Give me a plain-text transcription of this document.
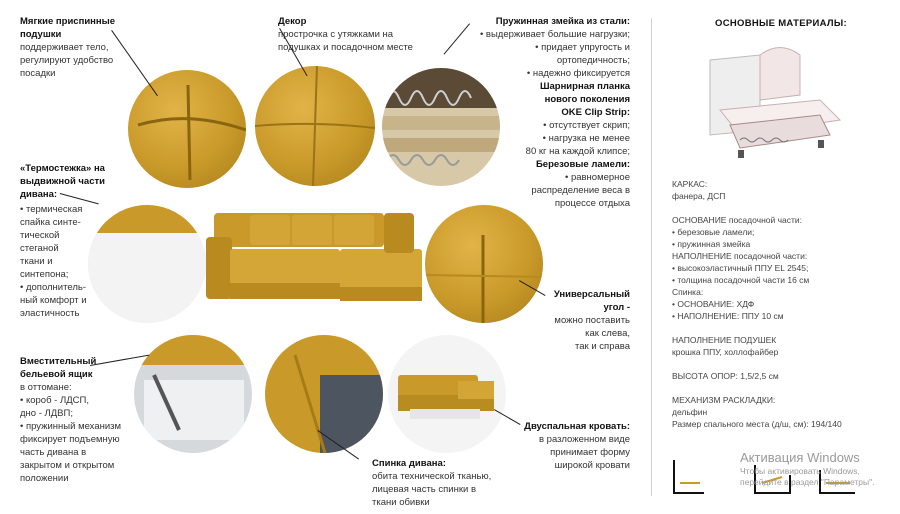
Мягкие приспинные подушки
поддерживает тело,
регулируют удобство
посадки
«Термостежка» на
выдвижной части
дивана:
• термическая
спайка синте-
тической
стеганой
ткани и
синтепона;
• дополнитель-
ный комфорт и
эластичность
Вместительный
бельевой ящик
в оттомане:
• короб - ЛДСП,
дно - ЛДВП;
• пружинный механизм
фиксирует подъемную
часть дивана в
закрытом и открытом
положении
Декор
прострочка с утяжками на
подушках и посадочном месте
Спинка дивана:
обита технической тканью,
лицевая часть спинки в
ткани обивки
Пружинная змейка из стали:
• выдерживает большие нагрузки;
• придает упругость и
ортопедичность;
• надежно фиксируется
Шарнирная планка
нового поколения
OKE Clip Strip:
• отсутствует скрип;
• нагрузка не менее
80 кг на каждой клипсе;
Березовые ламели:
• равномерное
распределение веса в
процессе отдыха
Универсальный
угол -
можно поставить
как слева,
так и справа
Двуспальная кровать:
в разложенном виде
принимает форму
широкой кровати
ОСНОВНЫЕ МАТЕРИАЛЫ:
КАРКАС:
фанера, ДСП
ОСНОВАНИЕ посадочной части:
• березовые ламели;
• пружинная змейка
НАПОЛНЕНИЕ посадочной части:
• высокоэластичный ППУ EL 2545;
• толщина посадочной части 16 см
Спинка:
• ОСНОВАНИЕ: ХДФ
• НАПОЛНЕНИЕ: ППУ 10 см
НАПОЛНЕНИЕ ПОДУШЕК
крошка ППУ, холлофайбер
ВЫСОТА ОПОР: 1,5/2,5 см
МЕХАНИЗМ РАСКЛАДКИ:
дельфин
Размер спального места (д/ш, см): 194/140
Активация Windows
Чтобы активировать Windows,
перейдите в раздел "Параметры".
